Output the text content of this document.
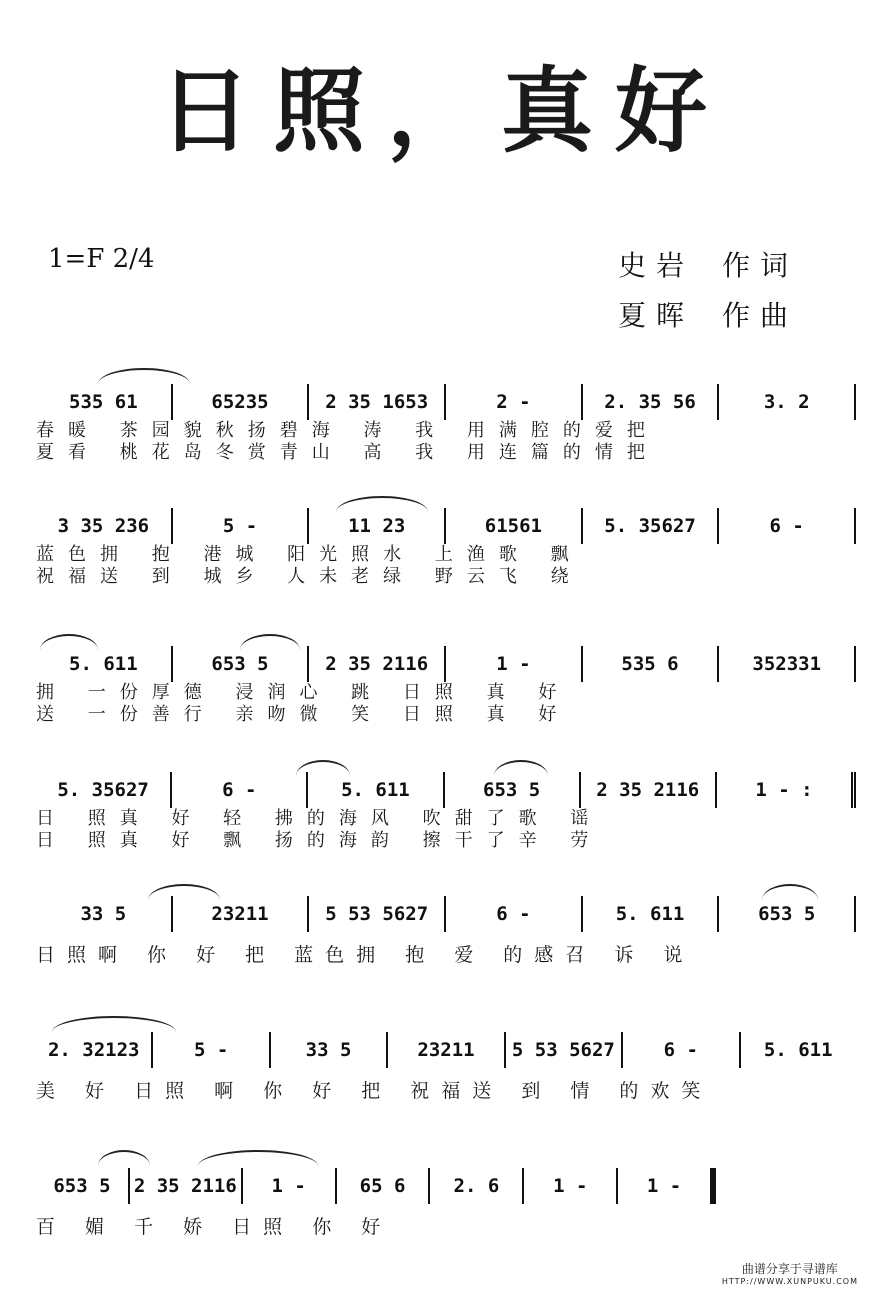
日照，真好
1=F 2/4	史岩 作词
夏晖 作曲
535 61	65235	2 35 1653	2 -	2. 35 56	3. 2
春暖 茶园貌秋扬碧海 涛 我 用满腔的爱把
夏看 桃花岛冬赏青山 高 我 用连篇的情把
3 35 236	5 -	11 23	61561	5. 35627	6 -
蓝色拥 抱 港城 阳光照水 上渔歌 飘
祝福送 到 城乡 人未老绿 野云飞 绕
5. 611	653 5	2 35 2116	1 -	535 6	352331
拥 一份厚德 浸润心 跳 日照 真 好
送 一份善行 亲吻微 笑 日照 真 好
5. 35627	6 -	5. 611	653 5	2 35 2116	1 - :
日 照真 好 轻 拂的海风 吹甜了歌 谣
日 照真 好 飘 扬的海韵 擦干了辛 劳
33 5	23211	5 53 5627	6 -	5. 611	653 5
日照啊 你 好 把 蓝色拥 抱 爱 的感召 诉 说
2. 32123	5 -	33 5	23211	5 53 5627	6 -	5. 611
美 好 日照 啊 你 好 把 祝福送 到 情 的欢笑
653 5	2 35 2116	1 -	65 6	2. 6	1 -	1 -
百 媚 千 娇 日照 你 好
曲谱分享于寻谱库
HTTP://WWW.XUNPUKU.COM
